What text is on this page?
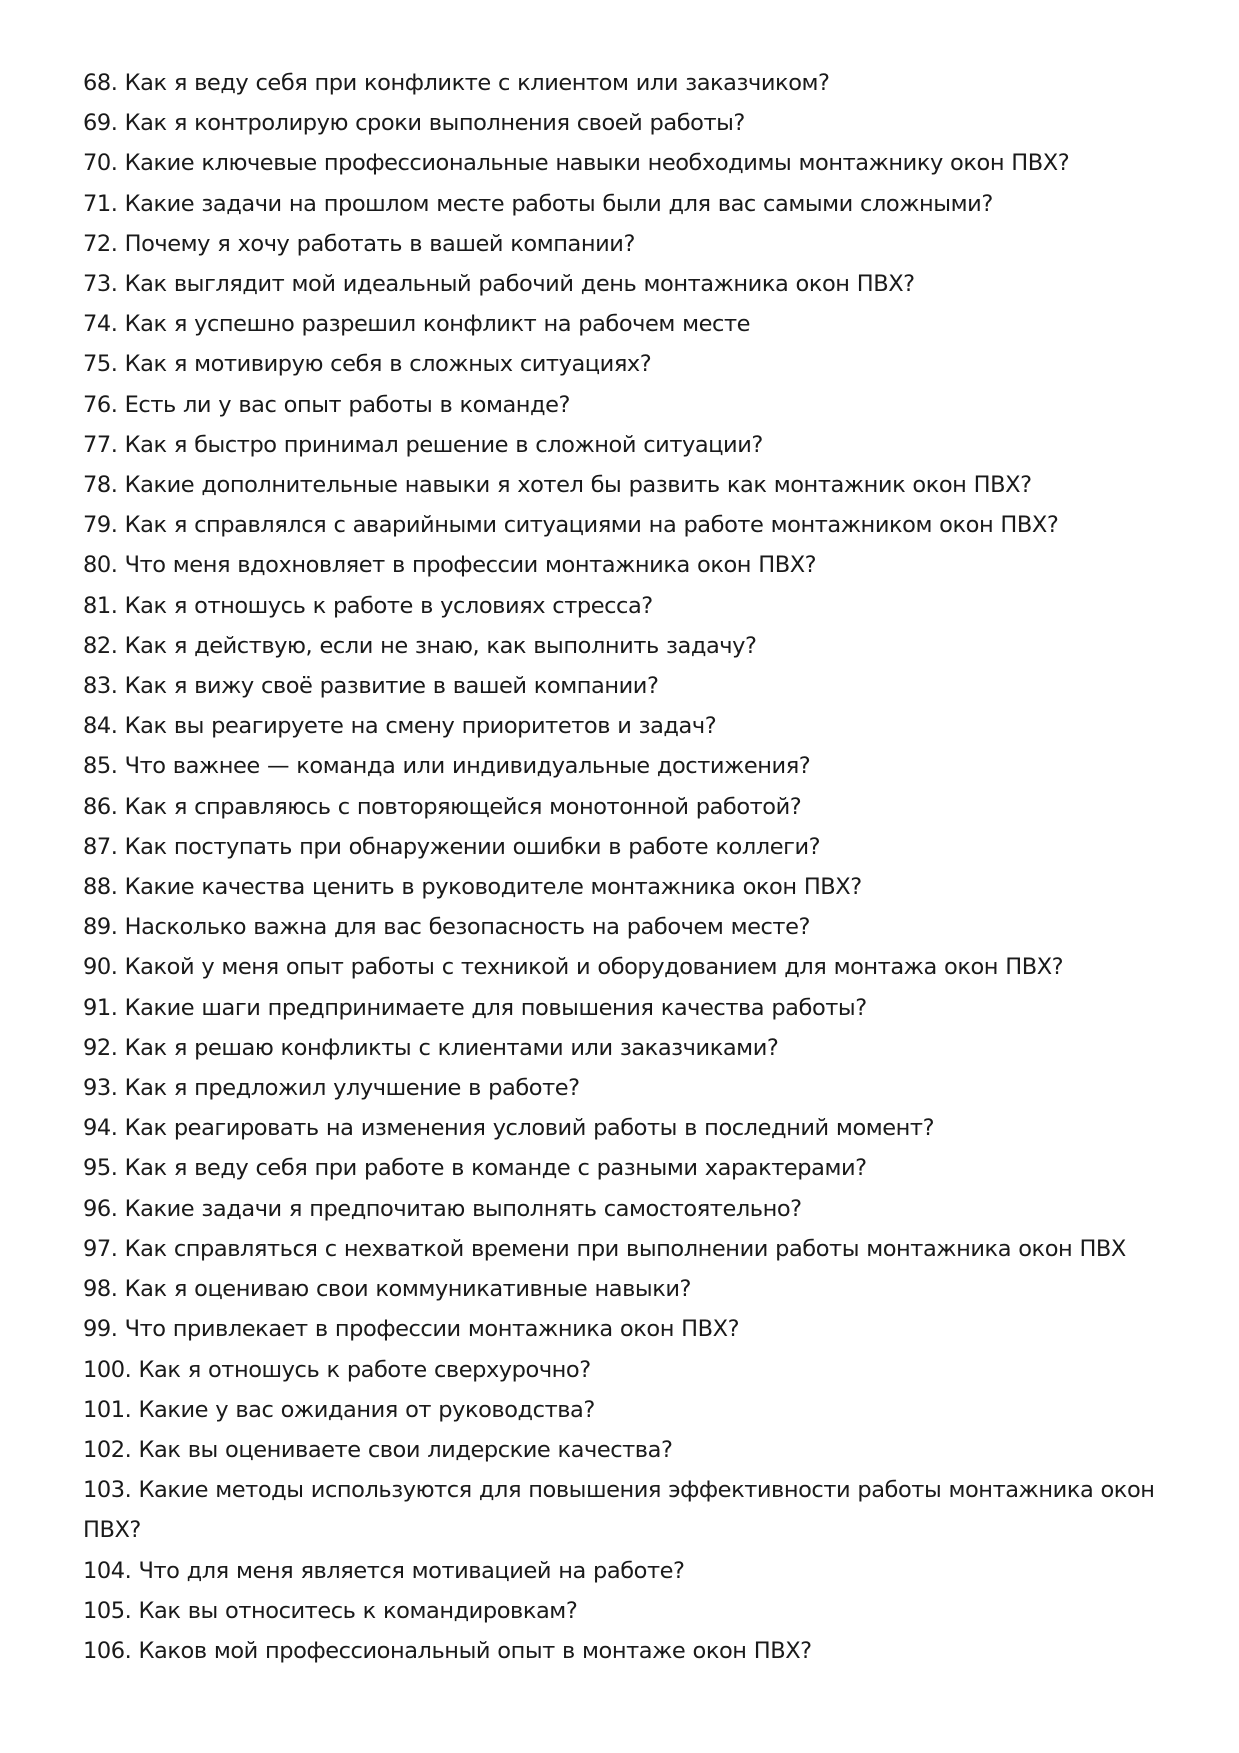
68. Как я веду себя при конфликте с клиентом или заказчиком?
69. Как я контролирую сроки выполнения своей работы?
70. Какие ключевые профессиональные навыки необходимы монтажнику окон ПВХ?
71. Какие задачи на прошлом месте работы были для вас самыми сложными?
72. Почему я хочу работать в вашей компании?
73. Как выглядит мой идеальный рабочий день монтажника окон ПВХ?
74. Как я успешно разрешил конфликт на рабочем месте
75. Как я мотивирую себя в сложных ситуациях?
76. Есть ли у вас опыт работы в команде?
77. Как я быстро принимал решение в сложной ситуации?
78. Какие дополнительные навыки я хотел бы развить как монтажник окон ПВХ?
79. Как я справлялся с аварийными ситуациями на работе монтажником окон ПВХ?
80. Что меня вдохновляет в профессии монтажника окон ПВХ?
81. Как я отношусь к работе в условиях стресса?
82. Как я действую, если не знаю, как выполнить задачу?
83. Как я вижу своё развитие в вашей компании?
84. Как вы реагируете на смену приоритетов и задач?
85. Что важнее — команда или индивидуальные достижения?
86. Как я справляюсь с повторяющейся монотонной работой?
87. Как поступать при обнаружении ошибки в работе коллеги?
88. Какие качества ценить в руководителе монтажника окон ПВХ?
89. Насколько важна для вас безопасность на рабочем месте?
90. Какой у меня опыт работы с техникой и оборудованием для монтажа окон ПВХ?
91. Какие шаги предпринимаете для повышения качества работы?
92. Как я решаю конфликты с клиентами или заказчиками?
93. Как я предложил улучшение в работе?
94. Как реагировать на изменения условий работы в последний момент?
95. Как я веду себя при работе в команде с разными характерами?
96. Какие задачи я предпочитаю выполнять самостоятельно?
97. Как справляться с нехваткой времени при выполнении работы монтажника окон ПВХ
98. Как я оцениваю свои коммуникативные навыки?
99. Что привлекает в профессии монтажника окон ПВХ?
100. Как я отношусь к работе сверхурочно?
101. Какие у вас ожидания от руководства?
102. Как вы оцениваете свои лидерские качества?
103. Какие методы используются для повышения эффективности работы монтажника окон ПВХ?
104. Что для меня является мотивацией на работе?
105. Как вы относитесь к командировкам?
106. Каков мой профессиональный опыт в монтаже окон ПВХ?
